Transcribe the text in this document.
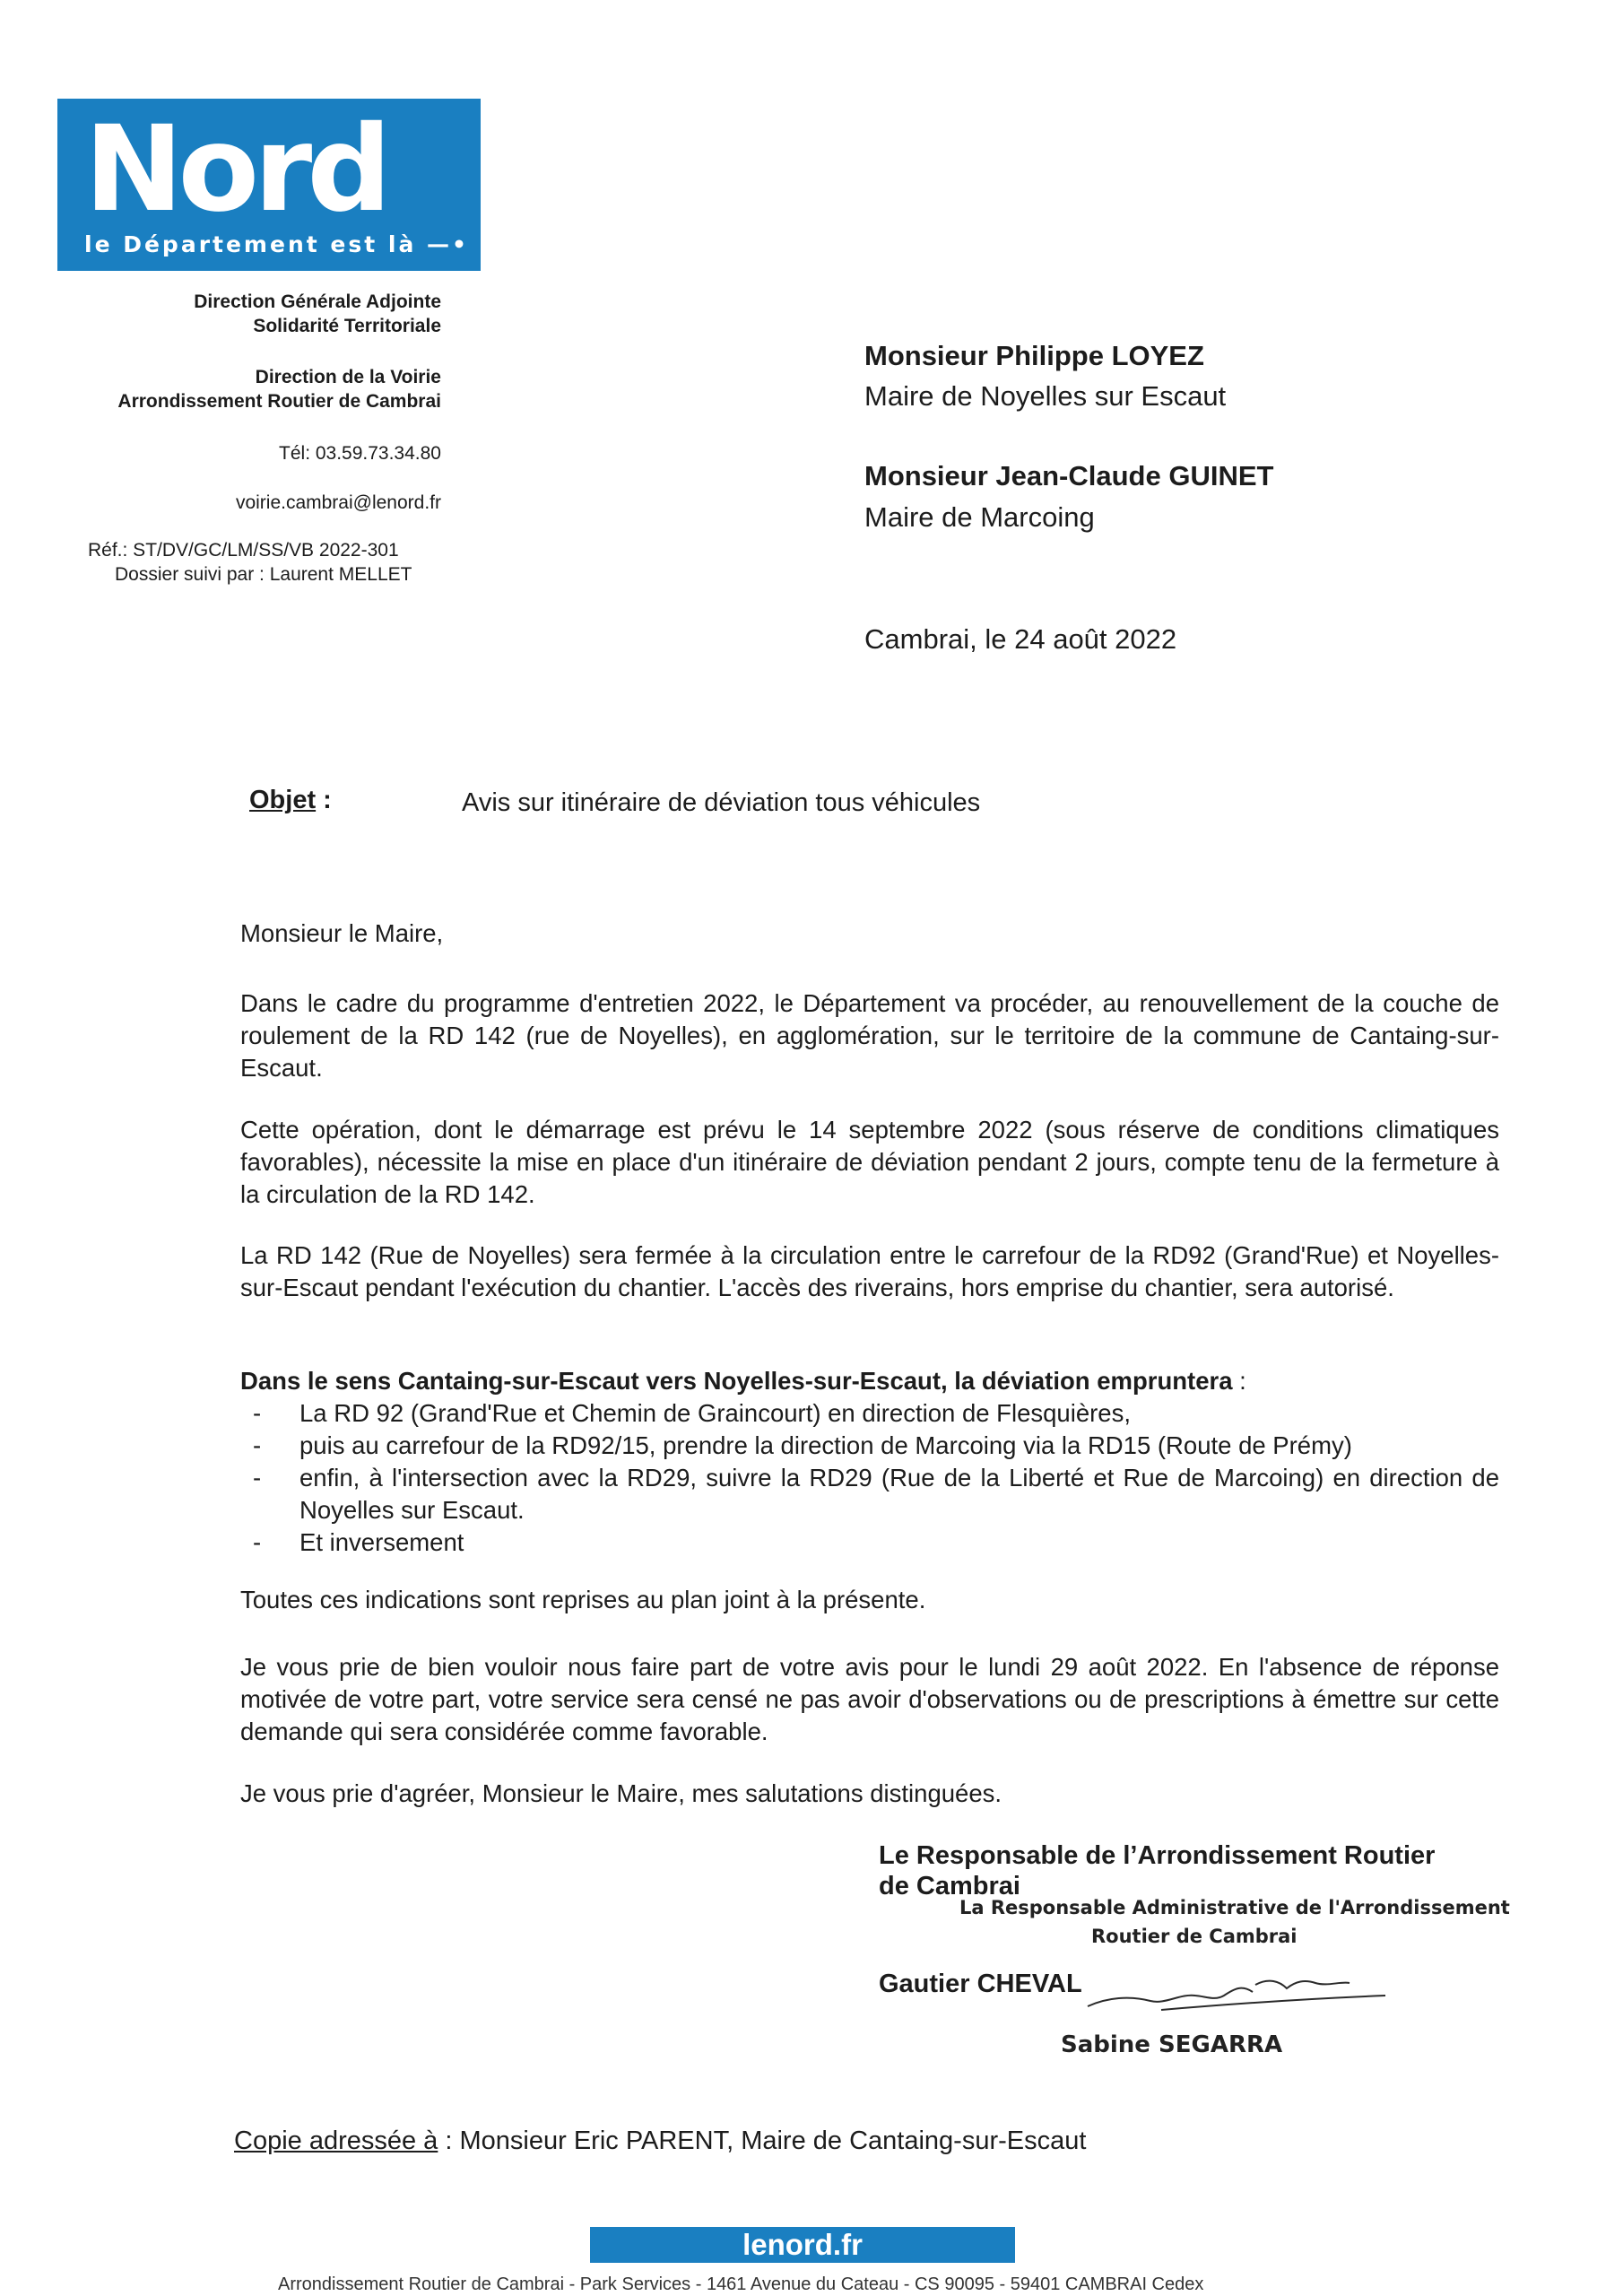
Nord
le Département est là —•
Direction Générale Adjointe
Solidarité Territoriale
Direction de la Voirie
Arrondissement Routier de Cambrai
Tél: 03.59.73.34.80
voirie.cambrai@lenord.fr
Réf.: ST/DV/GC/LM/SS/VB 2022-301
Dossier suivi par : Laurent MELLET
Monsieur Philippe LOYEZ
Maire de Noyelles sur Escaut
Monsieur Jean-Claude GUINET
Maire de Marcoing
Cambrai, le 24 août 2022
Objet :	Avis sur itinéraire de déviation tous véhicules
Monsieur le Maire,
Dans le cadre du programme d'entretien 2022, le Département va procéder, au renouvellement de la couche de roulement de la RD 142 (rue de Noyelles), en agglomération, sur le territoire de la commune de Cantaing-sur-Escaut.
Cette opération, dont le démarrage est prévu le 14 septembre 2022 (sous réserve de conditions climatiques favorables), nécessite la mise en place d'un itinéraire de déviation pendant 2 jours, compte tenu de la fermeture à la circulation de la RD 142.
La RD 142 (Rue de Noyelles) sera fermée à la circulation entre le carrefour de la RD92 (Grand'Rue) et Noyelles-sur-Escaut pendant l'exécution du chantier. L'accès des riverains, hors emprise du chantier, sera autorisé.
Dans le sens Cantaing-sur-Escaut vers Noyelles-sur-Escaut, la déviation empruntera :
- La RD 92 (Grand'Rue et Chemin de Graincourt) en direction de Flesquières,
- puis au carrefour de la RD92/15, prendre la direction de Marcoing via la RD15 (Route de Prémy)
- enfin, à l'intersection avec la RD29, suivre la RD29 (Rue de la Liberté et Rue de Marcoing) en direction de Noyelles sur Escaut.
- Et inversement
Toutes ces indications sont reprises au plan joint à la présente.
Je vous prie de bien vouloir nous faire part de votre avis pour le lundi 29 août 2022. En l'absence de réponse motivée de votre part, votre service sera censé ne pas avoir d'observations ou de prescriptions à émettre sur cette demande qui sera considérée comme favorable.
Je vous prie d'agréer, Monsieur le Maire, mes salutations distinguées.
Le Responsable de l’Arrondissement Routier
de Cambrai
La Responsable Administrative de l'Arrondissement
Routier de Cambrai
Gautier CHEVAL
Sabine SEGARRA
Copie adressée à : Monsieur Eric PARENT, Maire de Cantaing-sur-Escaut
lenord.fr
Arrondissement Routier de Cambrai - Park Services - 1461 Avenue du Cateau - CS 90095 - 59401 CAMBRAI Cedex
